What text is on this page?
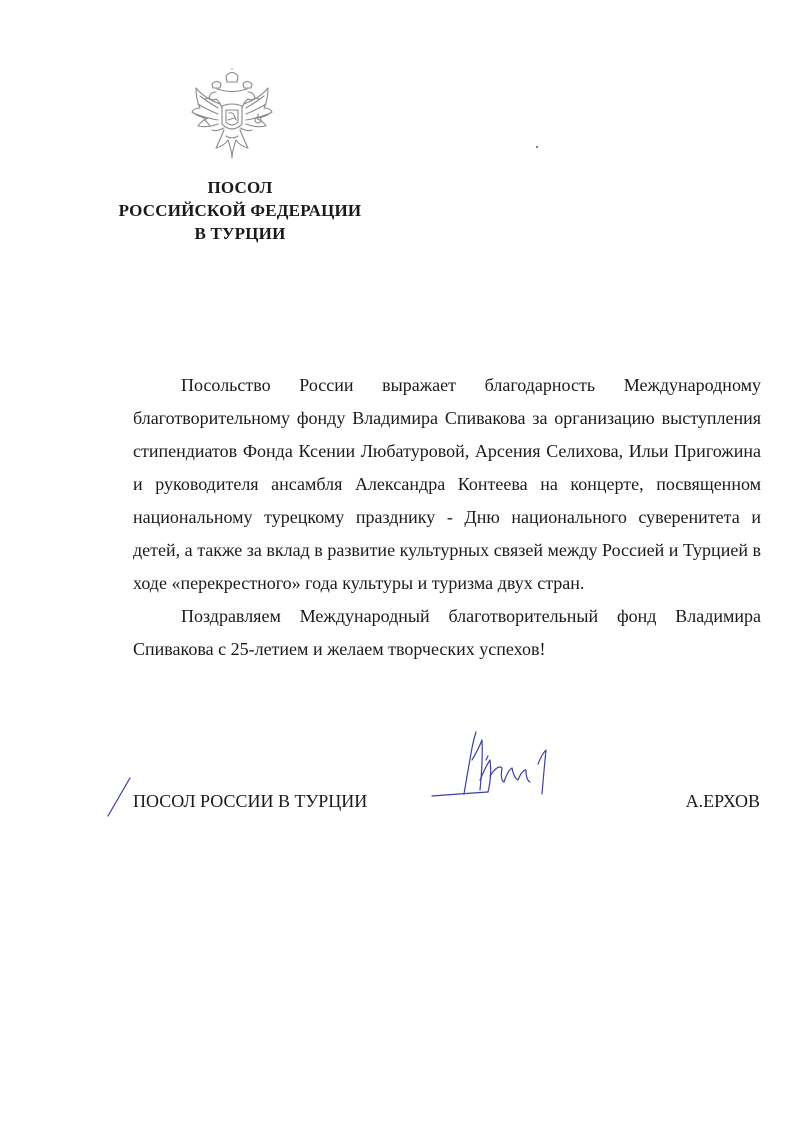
ПОСОЛ
РОССИЙСКОЙ ФЕДЕРАЦИИ
В ТУРЦИИ

Посольство России выражает благодарность Международному благотворительному фонду Владимира Спивакова за организацию выступления стипендиатов Фонда Ксении Любатуровой, Арсения Селихова, Ильи Пригожина и руководителя ансамбля Александра Контеева на концерте, посвященном национальному турецкому празднику - Дню национального суверенитета и детей, а также за вклад в развитие культурных связей между Россией и Турцией в ходе «перекрестного» года культуры и туризма двух стран.

Поздравляем Международный благотворительный фонд Владимира Спивакова с 25-летием и желаем творческих успехов!

ПОСОЛ РОССИИ В ТУРЦИИ	А.ЕРХОВ
